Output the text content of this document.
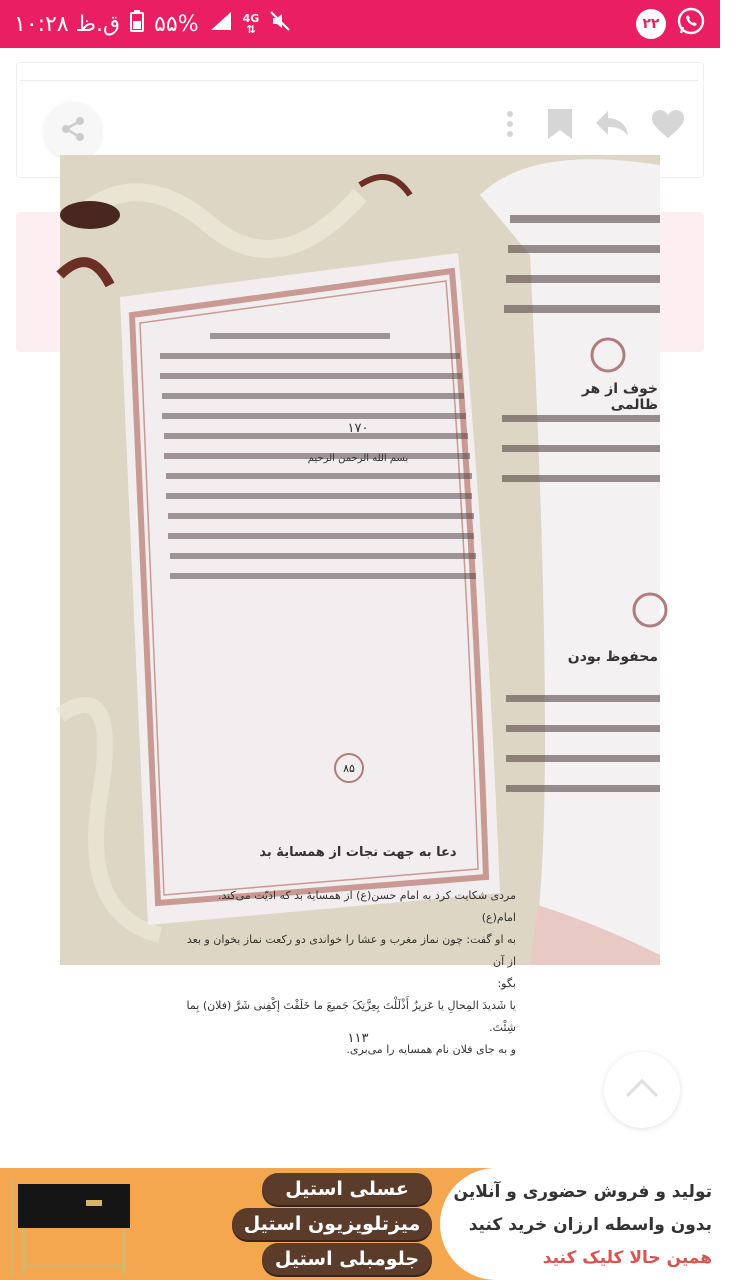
۱۰:۲۸ ق.ظ ۵۵%	4G
⇅	۲۲
۱۷۰
بسم الله الرحمن الرحيم
۸۵
دعا به جهت نجات از همسایهٔ بد
مردی شکایت کرد به امام حسن(ع) از همسایهٔ بد که اذیّت می‌کند. امام(ع)
به او گفت: چون نماز مغرب و عشا را خواندی دو رکعت نماز بخوان و بعد از آن
بگو:
یا شَدیدَ المِحالِ یا عَزیزُ أَذْلَلْتَ بِعِزَّتِکَ جَمیعَ ما خَلَقْتَ إکْفِنی شَرَّ (فلان) بِما شِئْتَ.
و به جای فلان نام همسایه را می‌بری.
۱۱۳
خوف از هر ظالمی
محفوظ بودن
عسلی استیل
میزتلویزیون استیل
جلومبلی استیل
تولید و فروش حضوری و آنلاین
بدون واسطه ارزان خرید کنید
همین حالا کلیک کنید
